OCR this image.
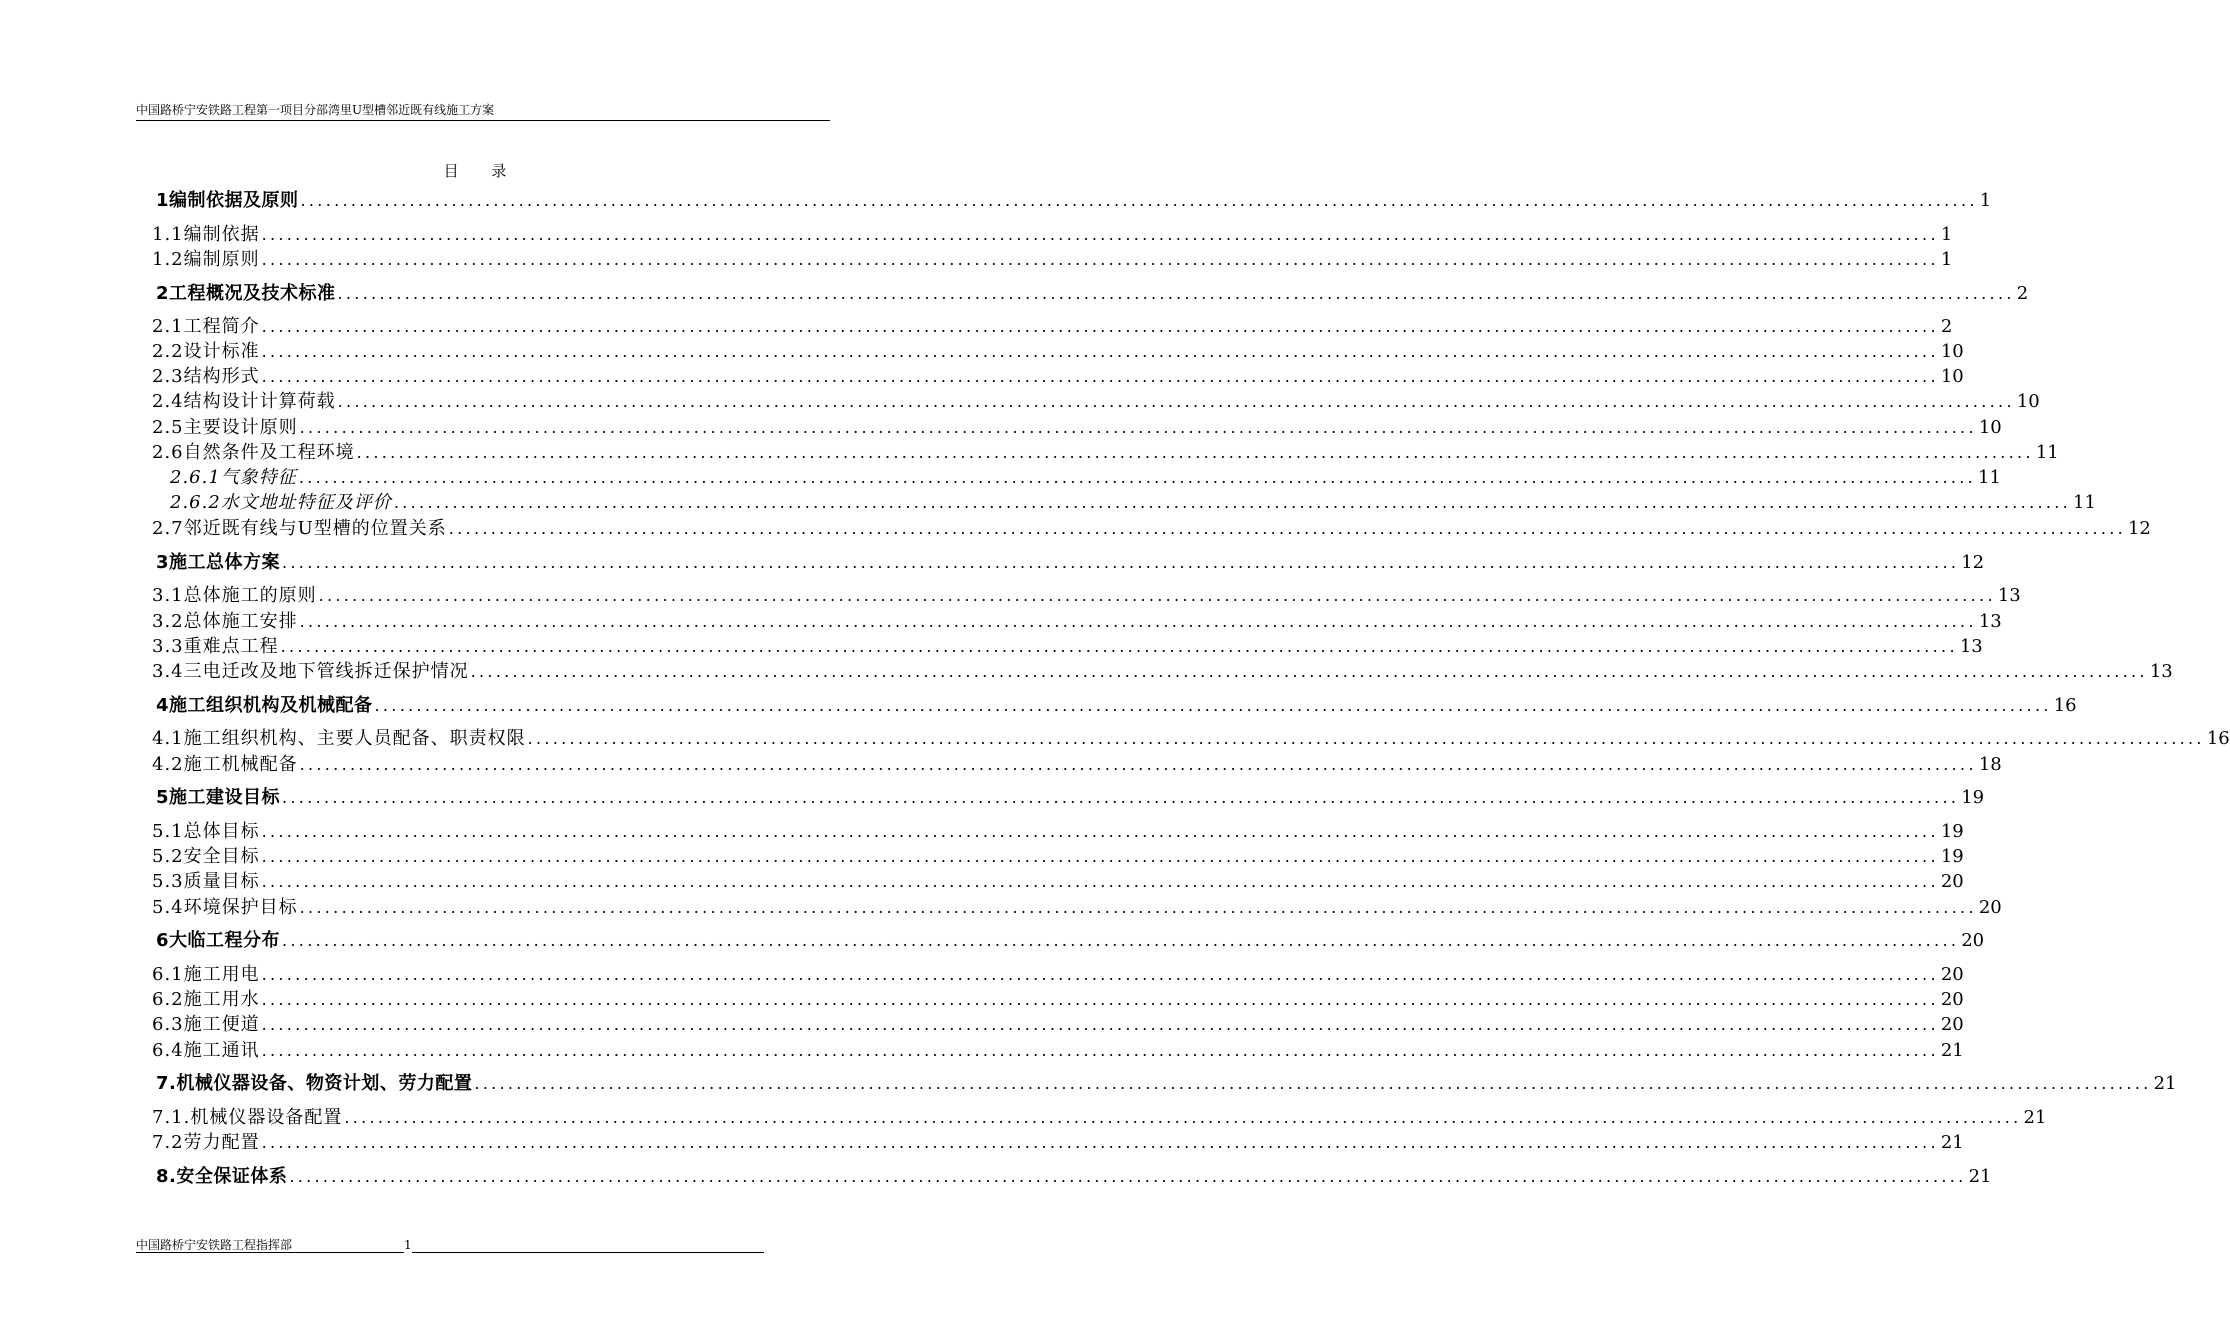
中国路桥宁安铁路工程第一项目分部湾里U型槽邻近既有线施工方案
目 录
1编制依据及原则 ........................................................................................................................................................................................................ 1
1.1编制依据 ........................................................................................................................................................................................................ 1
1.2编制原则 ........................................................................................................................................................................................................ 1
2工程概况及技术标准 ........................................................................................................................................................................................................ 2
2.1工程简介 ........................................................................................................................................................................................................ 2
2.2设计标准 ........................................................................................................................................................................................................ 10
2.3结构形式 ........................................................................................................................................................................................................ 10
2.4结构设计计算荷载 ........................................................................................................................................................................................................ 10
2.5主要设计原则 ........................................................................................................................................................................................................ 10
2.6自然条件及工程环境 ........................................................................................................................................................................................................ 11
2.6.1气象特征 ........................................................................................................................................................................................................ 11
2.6.2水文地址特征及评价 ........................................................................................................................................................................................................ 11
2.7邻近既有线与U型槽的位置关系 ........................................................................................................................................................................................................ 12
3施工总体方案 ........................................................................................................................................................................................................ 12
3.1总体施工的原则 ........................................................................................................................................................................................................ 13
3.2总体施工安排 ........................................................................................................................................................................................................ 13
3.3重难点工程 ........................................................................................................................................................................................................ 13
3.4三电迁改及地下管线拆迁保护情况 ........................................................................................................................................................................................................ 13
4施工组织机构及机械配备 ........................................................................................................................................................................................................ 16
4.1施工组织机构、主要人员配备、职责权限 ........................................................................................................................................................................................................ 16
4.2施工机械配备 ........................................................................................................................................................................................................ 18
5施工建设目标 ........................................................................................................................................................................................................ 19
5.1总体目标 ........................................................................................................................................................................................................ 19
5.2安全目标 ........................................................................................................................................................................................................ 19
5.3质量目标 ........................................................................................................................................................................................................ 20
5.4环境保护目标 ........................................................................................................................................................................................................ 20
6大临工程分布 ........................................................................................................................................................................................................ 20
6.1施工用电 ........................................................................................................................................................................................................ 20
6.2施工用水 ........................................................................................................................................................................................................ 20
6.3施工便道 ........................................................................................................................................................................................................ 20
6.4施工通讯 ........................................................................................................................................................................................................ 21
7.机械仪器设备、物资计划、劳力配置 ........................................................................................................................................................................................................ 21
7.1.机械仪器设备配置 ........................................................................................................................................................................................................ 21
7.2劳力配置 ........................................................................................................................................................................................................ 21
8.安全保证体系 ........................................................................................................................................................................................................ 21
中国路桥宁安铁路工程指挥部	1
